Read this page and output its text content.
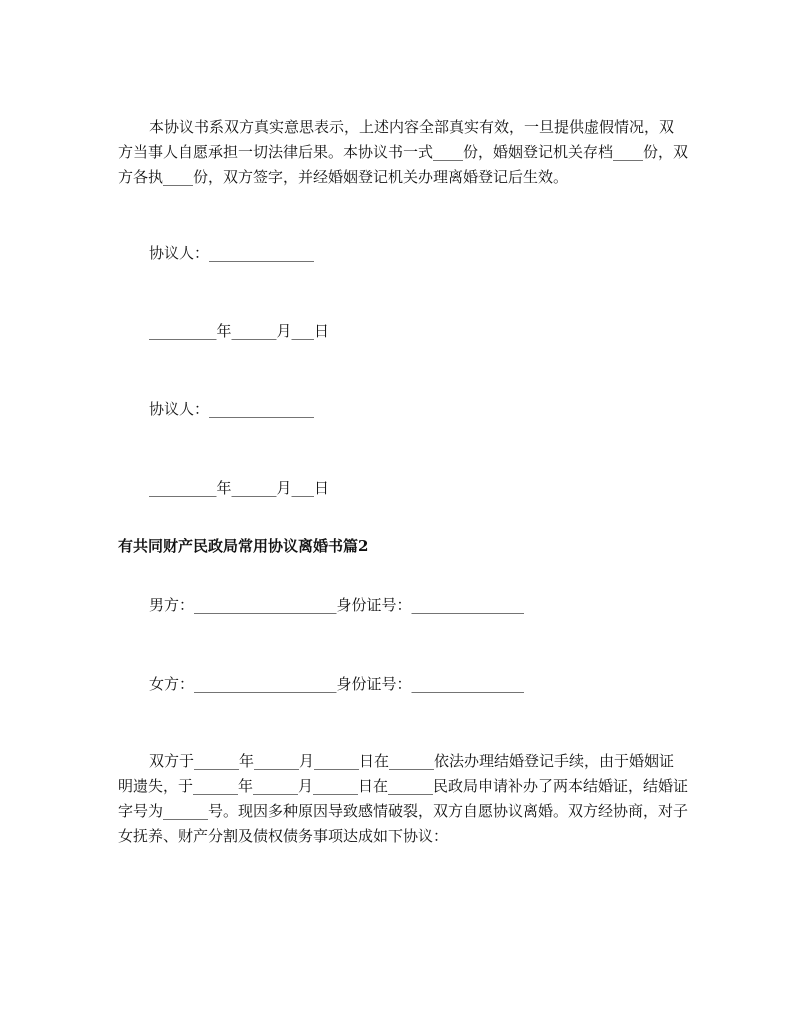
本协议书系双方真实意思表示，上述内容全部真实有效，一旦提供虚假情况，双方当事人自愿承担一切法律后果。本协议书一式____份，婚姻登记机关存档____份，双方各执____份，双方签字，并经婚姻登记机关办理离婚登记后生效。

协议人：______________

_________年______月___日

协议人：______________

_________年______月___日

有共同财产民政局常用协议离婚书篇2

男方：___________________身份证号：_______________

女方：___________________身份证号：_______________

双方于______年______月______日在______依法办理结婚登记手续，由于婚姻证明遗失，于______年______月______日在______民政局申请补办了两本结婚证，结婚证字号为______号。现因多种原因导致感情破裂，双方自愿协议离婚。双方经协商，对子女抚养、财产分割及债权债务事项达成如下协议：
